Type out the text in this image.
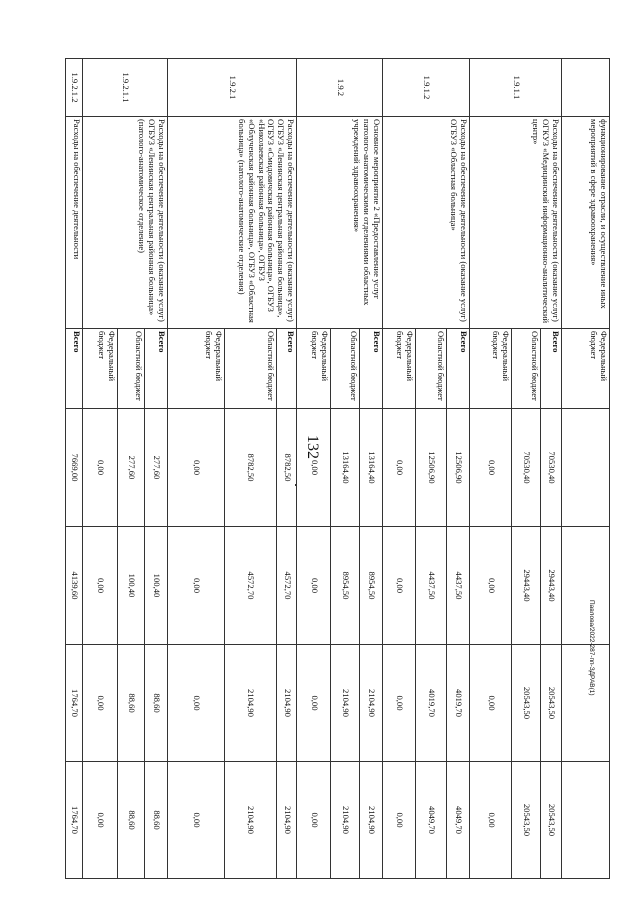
132
	функционирование отрасли, и осуществление иных мероприятий в сфере здравоохранения»	Федеральный бюджет				
1.9.1.1	Расходы на обеспечение деятельности (оказание услуг) ОГКУЗ «Медицинский информационно-аналитический центр»	Всего	70530,40	29443,40	20543,50	20543,50
		Областной бюджет	70530,40	29443,40	20543,50	20543,50
		Федеральный бюджет	0,00	0,00	0,00	0,00
1.9.1.2	Расходы на обеспечение деятельности (оказание услуг) ОГБУЗ «Областная больница»	Всего	12506,90	4437,50	4019,70	4049,70
		Областной бюджет	12506,90	4437,50	4019,70	4049,70
		Федеральный бюджет	0,00	0,00	0,00	0,00
1.9.2	Основное мероприятие 2 «Предоставление услуг патолого-анатомическими отделениями областных учреждений здравоохранения»	Всего	13164,40	8954,50	2104,90	2104,90
		Областной бюджет	13164,40	8954,50	2104,90	2104,90
		Федеральный бюджет	0,00	0,00	0,00	0,00
1.9.2.1	Расходы на обеспечение деятельности (оказание услуг) ОГБУЗ «Ленинская центральная районная больница», ОГБУЗ «Смидовичская районная больница», ОГБУЗ «Николаевская районная больница», ОГБУЗ «Облученская районная больница», ОГБУЗ «Областная больница» (патолого-анатомические отделения)	Всего	8782,50	4572,70	2104,90	2104,90
		Областной бюджет	8782,50	4572,70	2104,90	2104,90
		Федеральный бюджет	0,00	0,00	0,00	0,00
1.9.2.1.1	Расходы на обеспечение деятельности (оказание услуг) ОГБУЗ «Ленинская центральная районная больница» (патолого-анатомическое отделение)	Всего	277,60	100,40	88,60	88,60
		Областной бюджет	277,60	100,40	88,60	88,60
		Федеральный бюджет	0,00	0,00	0,00	0,00
1.9.2.1.2	Расходы на обеспечение деятельности	Всего	7669,00	4139,60	1764,70	1764,70
Павлова/2022-287-пп-ЗДРАВ(1)
